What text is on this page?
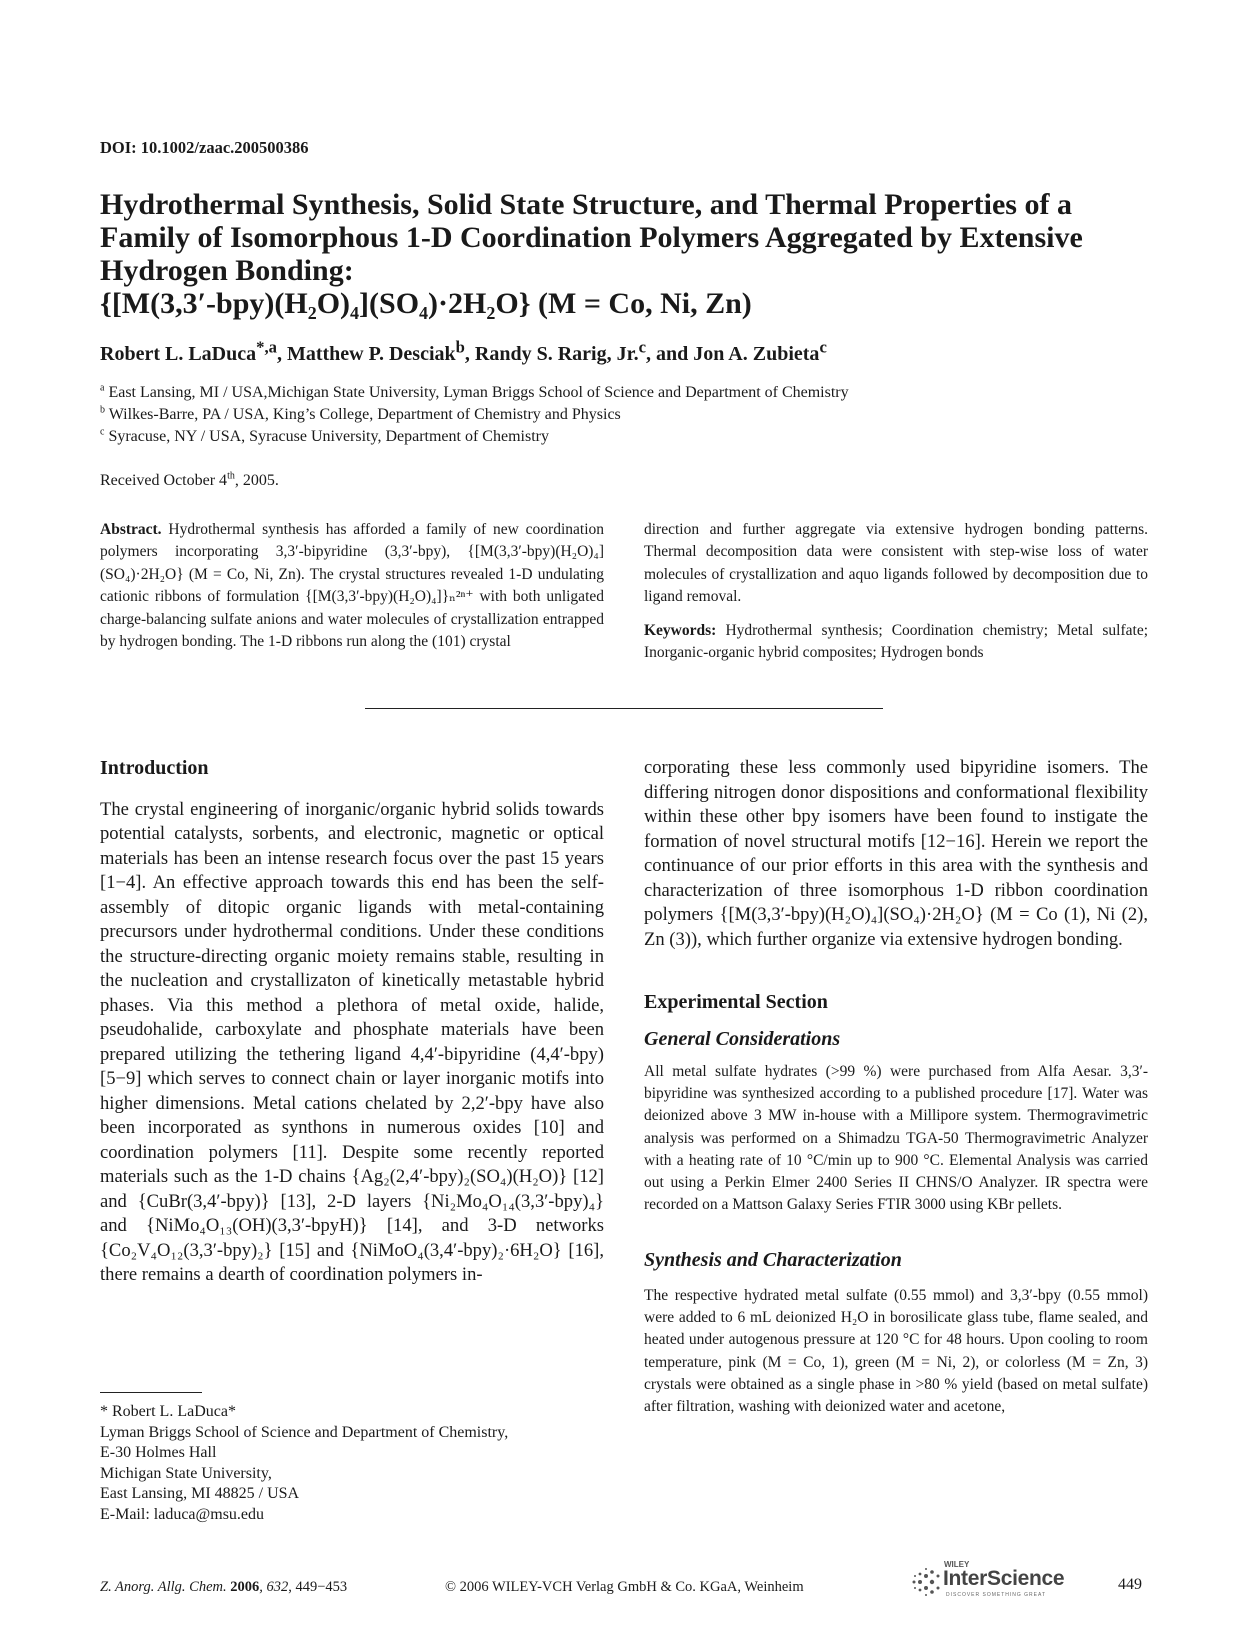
DOI: 10.1002/zaac.200500386
Hydrothermal Synthesis, Solid State Structure, and Thermal Properties of a
Family of Isomorphous 1-D Coordination Polymers Aggregated by Extensive
Hydrogen Bonding:
{[M(3,3′-bpy)(H₂O)₄](SO₄)·2H₂O} (M = Co, Ni, Zn)
Robert L. LaDuca$^{*,a}$, Matthew P. Desciak$^b$, Randy S. Rarig, Jr.$^c$, and Jon A. Zubieta$^c$
$^a$ East Lansing, MI / USA,Michigan State University, Lyman Briggs School of Science and Department of Chemistry
$^b$ Wilkes-Barre, PA / USA, King’s College, Department of Chemistry and Physics
$^c$ Syracuse, NY / USA, Syracuse University, Department of Chemistry
Received October 4th, 2005.
Abstract. Hydrothermal synthesis has afforded a family of new coordination polymers incorporating 3,3′-bipyridine (3,3′-bpy), {[M(3,3′-bpy)(H₂O)₄](SO₄)·2H₂O} (M = Co, Ni, Zn). The crystal structures revealed 1-D undulating cationic ribbons of formulation {[M(3,3′-bpy)(H₂O)₄]}ₙ²ⁿ⁺ with both unligated charge-balancing sulfate anions and water molecules of crystallization entrapped by hydrogen bonding. The 1-D ribbons run along the (101) crystal
direction and further aggregate via extensive hydrogen bonding patterns. Thermal decomposition data were consistent with step-wise loss of water molecules of crystallization and aquo ligands followed by decomposition due to ligand removal.
Keywords: Hydrothermal synthesis; Coordination chemistry; Metal sulfate; Inorganic-organic hybrid composites; Hydrogen bonds
Introduction
The crystal engineering of inorganic/organic hybrid solids towards potential catalysts, sorbents, and electronic, magnetic or optical materials has been an intense research focus over the past 15 years [1−4]. An effective approach towards this end has been the self-assembly of ditopic organic ligands with metal-containing precursors under hydrothermal conditions. Under these conditions the structure-directing organic moiety remains stable, resulting in the nucleation and crystallizaton of kinetically metastable hybrid phases. Via this method a plethora of metal oxide, halide, pseudohalide, carboxylate and phosphate materials have been prepared utilizing the tethering ligand 4,4′-bipyridine (4,4′-bpy) [5−9] which serves to connect chain or layer inorganic motifs into higher dimensions. Metal cations chelated by 2,2′-bpy have also been incorporated as synthons in numerous oxides [10] and coordination polymers [11]. Despite some recently reported materials such as the 1-D chains {Ag₂(2,4′-bpy)₂(SO₄)(H₂O)} [12] and {CuBr(3,4′-bpy)} [13], 2-D layers {Ni₂Mo₄O₁₄(3,3′-bpy)₄} and {NiMo₄O₁₃(OH)(3,3′-bpyH)} [14], and 3-D networks {Co₂V₄O₁₂(3,3′-bpy)₂} [15] and {NiMoO₄(3,4′-bpy)₂·6H₂O} [16], there remains a dearth of coordination polymers in-
corporating these less commonly used bipyridine isomers. The differing nitrogen donor dispositions and conformational flexibility within these other bpy isomers have been found to instigate the formation of novel structural motifs [12−16]. Herein we report the continuance of our prior efforts in this area with the synthesis and characterization of three isomorphous 1-D ribbon coordination polymers {[M(3,3′-bpy)(H₂O)₄](SO₄)·2H₂O} (M = Co (1), Ni (2), Zn (3)), which further organize via extensive hydrogen bonding.
Experimental Section
General Considerations
All metal sulfate hydrates (>99 %) were purchased from Alfa Aesar. 3,3′-bipyridine was synthesized according to a published procedure [17]. Water was deionized above 3 MW in-house with a Millipore system. Thermogravimetric analysis was performed on a Shimadzu TGA-50 Thermogravimetric Analyzer with a heating rate of 10 °C/min up to 900 °C. Elemental Analysis was carried out using a Perkin Elmer 2400 Series II CHNS/O Analyzer. IR spectra were recorded on a Mattson Galaxy Series FTIR 3000 using KBr pellets.
Synthesis and Characterization
The respective hydrated metal sulfate (0.55 mmol) and 3,3′-bpy (0.55 mmol) were added to 6 mL deionized H₂O in borosilicate glass tube, flame sealed, and heated under autogenous pressure at 120 °C for 48 hours. Upon cooling to room temperature, pink (M = Co, 1), green (M = Ni, 2), or colorless (M = Zn, 3) crystals were obtained as a single phase in >80 % yield (based on metal sulfate) after filtration, washing with deionized water and acetone,
* Robert L. LaDuca*
Lyman Briggs School of Science and Department of Chemistry,
E-30 Holmes Hall
Michigan State University,
East Lansing, MI 48825 / USA
E-Mail: laduca@msu.edu
Z. Anorg. Allg. Chem. 2006, 632, 449−453	© 2006 WILEY-VCH Verlag GmbH & Co. KGaA, Weinheim
WILEY
InterScience
DISCOVER SOMETHING GREAT
449
